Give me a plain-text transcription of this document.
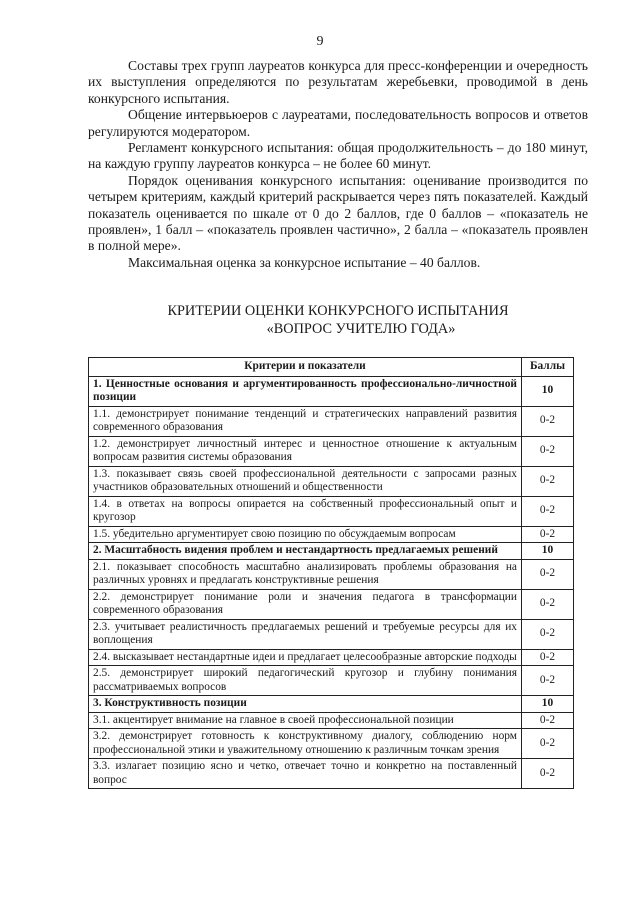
9

Составы трех групп лауреатов конкурса для пресс-конференции и очередность их выступления определяются по результатам жеребьевки, проводимой в день конкурсного испытания.

Общение интервьюеров с лауреатами, последовательность вопросов и ответов регулируются модератором.

Регламент конкурсного испытания: общая продолжительность – до 180 минут, на каждую группу лауреатов конкурса – не более 60 минут.

Порядок оценивания конкурсного испытания: оценивание производится по четырем критериям, каждый критерий раскрывается через пять показателей. Каждый показатель оценивается по шкале от 0 до 2 баллов, где 0 баллов – «показатель не проявлен», 1 балл – «показатель проявлен частично», 2 балла – «показатель проявлен в полной мере».

Максимальная оценка за конкурсное испытание – 40 баллов.

КРИТЕРИИ ОЦЕНКИ КОНКУРСНОГО ИСПЫТАНИЯ
«ВОПРОС УЧИТЕЛЮ ГОДА»
Критерии и показатели	Баллы
1. Ценностные основания и аргументированность профессионально-личностной позиции	10
1.1. демонстрирует понимание тенденций и стратегических направлений развития современного образования	0-2
1.2. демонстрирует личностный интерес и ценностное отношение к актуальным вопросам развития системы образования	0-2
1.3. показывает связь своей профессиональной деятельности с запросами разных участников образовательных отношений и общественности	0-2
1.4. в ответах на вопросы опирается на собственный профессиональный опыт и кругозор	0-2
1.5. убедительно аргументирует свою позицию по обсуждаемым вопросам	0-2
2. Масштабность видения проблем и нестандартность предлагаемых решений	10
2.1. показывает способность масштабно анализировать проблемы образования на различных уровнях и предлагать конструктивные решения	0-2
2.2. демонстрирует понимание роли и значения педагога в трансформации современного образования	0-2
2.3. учитывает реалистичность предлагаемых решений и требуемые ресурсы для их воплощения	0-2
2.4. высказывает нестандартные идеи и предлагает целесообразные авторские подходы	0-2
2.5. демонстрирует широкий педагогический кругозор и глубину понимания рассматриваемых вопросов	0-2
3. Конструктивность позиции	10
3.1. акцентирует внимание на главное в своей профессиональной позиции	0-2
3.2. демонстрирует готовность к конструктивному диалогу, соблюдению норм профессиональной этики и уважительному отношению к различным точкам зрения	0-2
3.3. излагает позицию ясно и четко, отвечает точно и конкретно на поставленный вопрос	0-2
